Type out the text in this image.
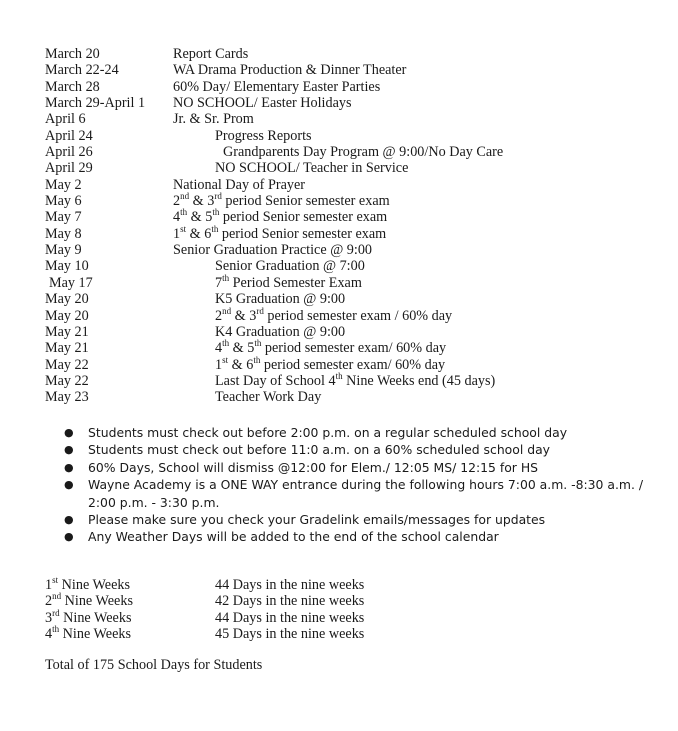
March 20	Report Cards
March 22-24	WA Drama Production & Dinner Theater
March 28	60% Day/ Elementary Easter Parties
March 29-April 1 NO SCHOOL/ Easter Holidays
April 6	Jr. & Sr. Prom
April 24	Progress Reports
April 26	Grandparents Day Program @ 9:00/No Day Care
April 29	NO SCHOOL/ Teacher in Service
May 2	National Day of Prayer
May 6	2nd & 3rd period Senior semester exam
May 7	4th & 5th period Senior semester exam
May 8	1st & 6th period Senior semester exam
May 9	Senior Graduation Practice @ 9:00
May 10	Senior Graduation @ 7:00
May 17	7th Period Semester Exam
May 20	K5 Graduation @ 9:00
May 20	2nd & 3rd period semester exam / 60% day
May 21	K4 Graduation @ 9:00
May 21	4th & 5th period semester exam/ 60% day
May 22	1st & 6th period semester exam/ 60% day
May 22	Last Day of School 4th Nine Weeks end (45 days)
May 23	Teacher Work Day
● Students must check out before 2:00 p.m. on a regular scheduled school day
● Students must check out before 11:0 a.m. on a 60% scheduled school day
● 60% Days, School will dismiss @12:00 for Elem./ 12:05 MS/ 12:15 for HS
● Wayne Academy is a ONE WAY entrance during the following hours 7:00 a.m. -8:30 a.m. /
2:00 p.m. - 3:30 p.m.
● Please make sure you check your Gradelink emails/messages for updates
● Any Weather Days will be added to the end of the school calendar
1st Nine Weeks	44 Days in the nine weeks
2nd Nine Weeks	42 Days in the nine weeks
3rd Nine Weeks	44 Days in the nine weeks
4th Nine Weeks	45 Days in the nine weeks
Total of 175 School Days for Students
